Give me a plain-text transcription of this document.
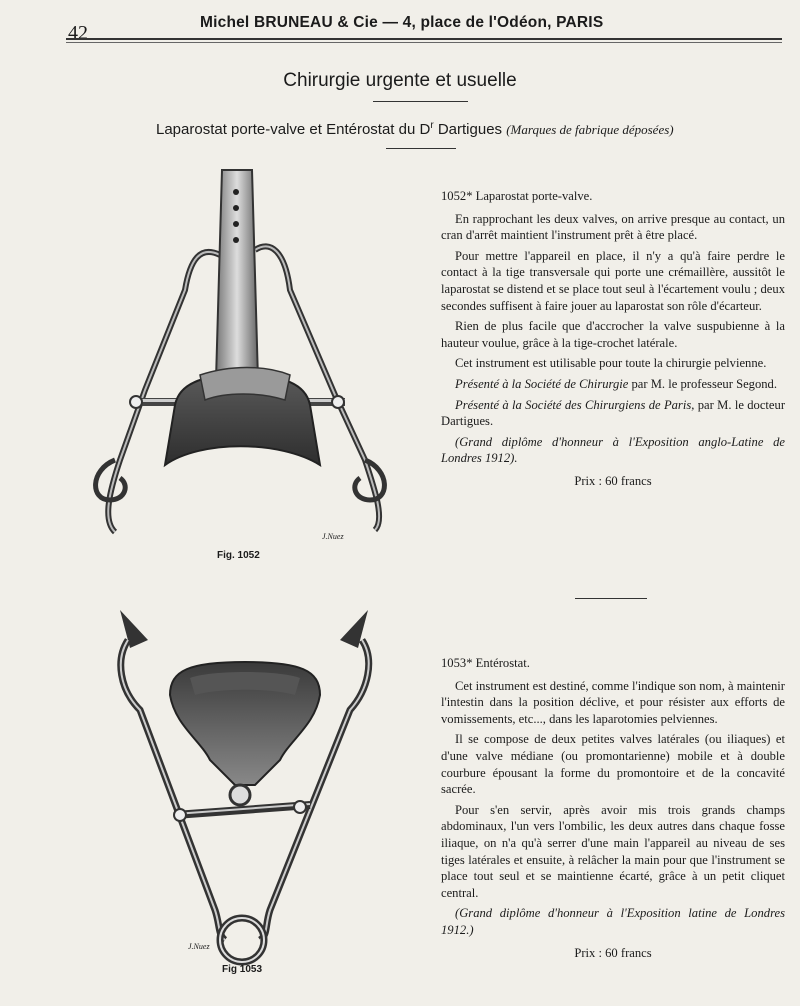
42	Michel BRUNEAU & Cie — 4, place de l'Odéon, PARIS
Chirurgie urgente et usuelle
Laparostat porte-valve et Entérostat du $D^r$ Dartigues (Marques de fabrique déposées)
J.Nuez
Fig. 1052
J.Nuez
Fig 1053

1052* Laparostat porte-valve.

En rapprochant les deux valves, on arrive presque au contact, un cran d'arrêt maintient l'instrument prêt à être placé.

Pour mettre l'appareil en place, il n'y a qu'à faire perdre le contact à la tige transversale qui porte une crémaillère, aussitôt le laparostat se distend et se place tout seul à l'écartement voulu ; deux secondes suffisent à faire jouer au laparostat son rôle d'écarteur.

Rien de plus facile que d'accrocher la valve suspubienne à la hauteur voulue, grâce à la tige-crochet latérale.

Cet instrument est utilisable pour toute la chirurgie pelvienne.

Présenté à la Société de Chirurgie par M. le professeur Segond.

Présenté à la Société des Chirurgiens de Paris, par M. le docteur Dartigues.

(Grand diplôme d'honneur à l'Exposition anglo-Latine de Londres 1912).

Prix : 60 francs

1053* Entérostat.

Cet instrument est destiné, comme l'indique son nom, à maintenir l'intestin dans la position déclive, et pour résister aux efforts de vomissements, etc..., dans les laparotomies pelviennes.

Il se compose de deux petites valves latérales (ou iliaques) et d'une valve médiane (ou promontarienne) mobile et à double courbure épousant la forme du promontoire et de la concavité sacrée.

Pour s'en servir, après avoir mis trois grands champs abdominaux, l'un vers l'ombilic, les deux autres dans chaque fosse iliaque, on n'a qu'à serrer d'une main l'appareil au niveau de ses tiges latérales et ensuite, à relâcher la main pour que l'instrument se place tout seul et se maintienne écarté, grâce à un petit cliquet central.

(Grand diplôme d'honneur à l'Exposition latine de Londres 1912.)

Prix : 60 francs
